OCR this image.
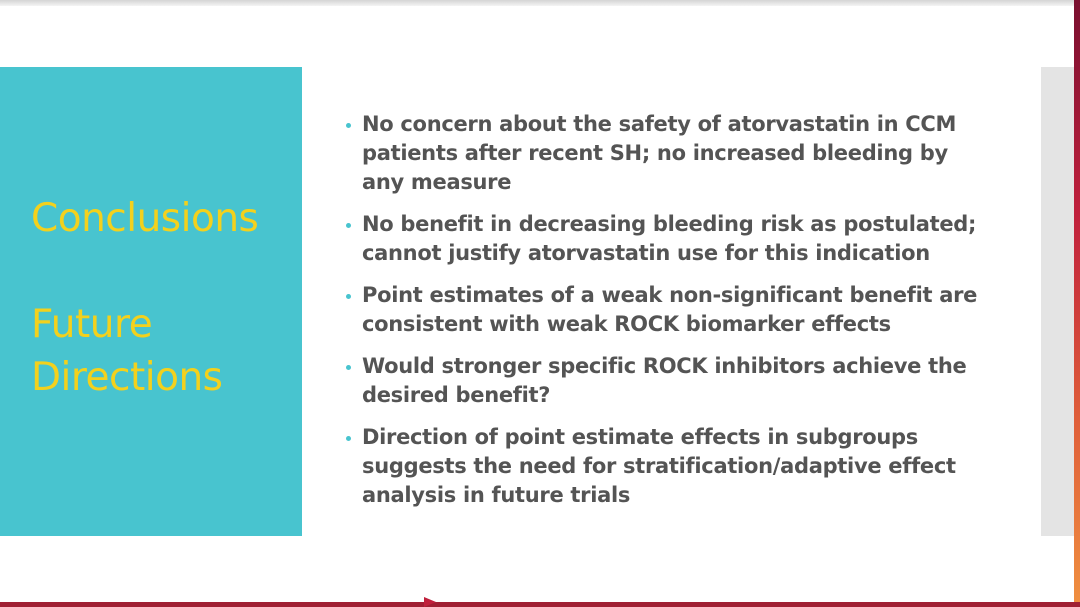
Conclusions
Future
Directions
No concern about the safety of atorvastatin in CCM patients after recent SH; no increased bleeding by any measure
No benefit in decreasing bleeding risk as postulated; cannot justify atorvastatin use for this indication
Point estimates of a weak non-significant benefit are consistent with weak ROCK biomarker effects
Would stronger specific ROCK inhibitors achieve the desired benefit?
Direction of point estimate effects in subgroups suggests the need for stratification/adaptive effect analysis in future trials
